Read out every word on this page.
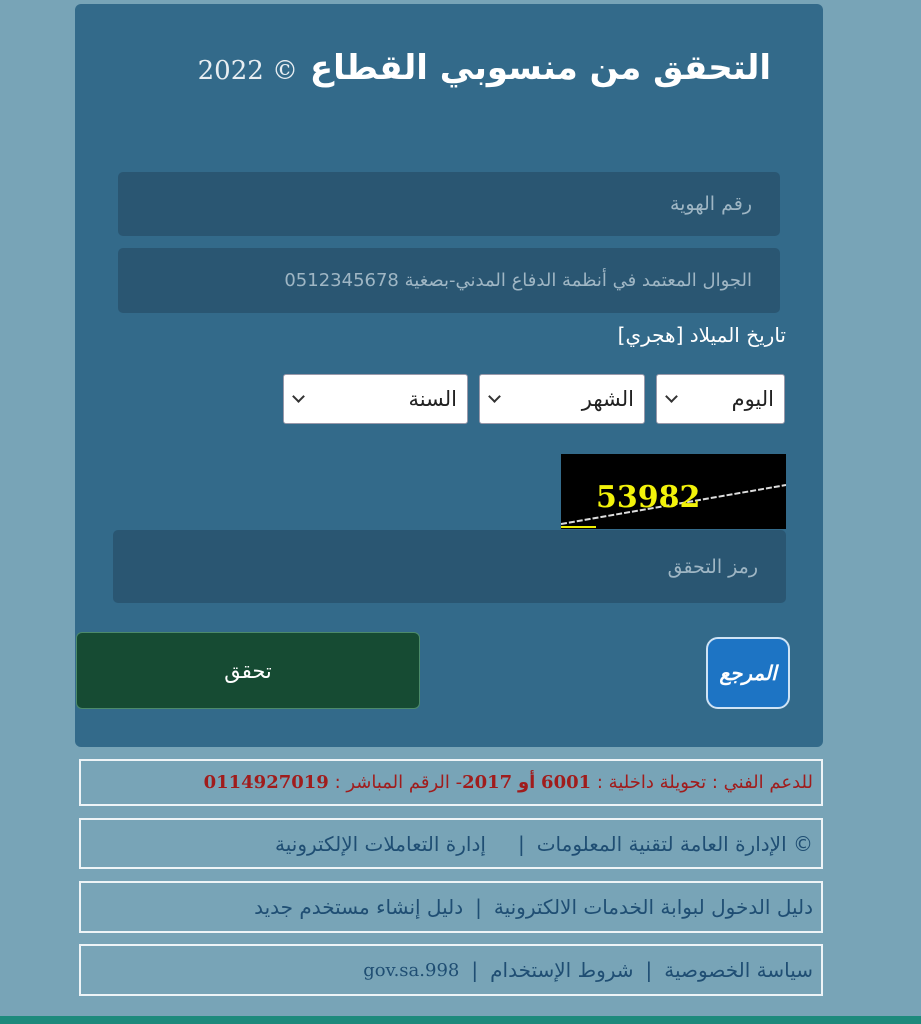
التحقق من منسوبي القطاع © 2022
رقم الهوية
الجوال المعتمد في أنظمة الدفاع المدني-بصغية 0512345678
تاريخ الميلاد [هجري]
اليوم
الشهر
السنة
53982
رمز التحقق
تحقق	المرجع
للدعم الفني : تحويلة داخلية :

6001

أو

2017
- الرقم المباشر :

0114927019
© الإدارة العامة لتقنية المعلومات
|
إدارة التعاملات الإلكترونية
دليل الدخول لبوابة الخدمات الالكترونية
|
دليل إنشاء مستخدم جديد
سياسة الخصوصية
|
شروط الإستخدام
|
998.gov.sa
